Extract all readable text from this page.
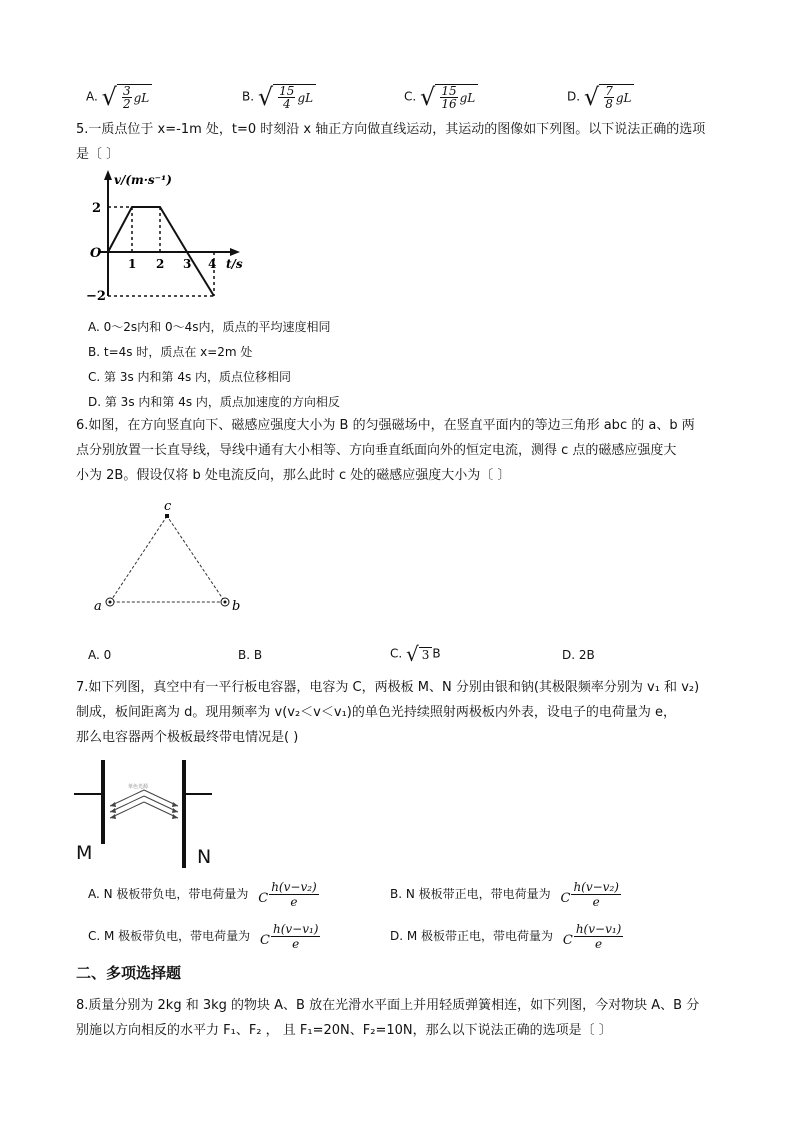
A. √ $\frac{3}{2}$ gL	B. √ $\frac{15}{4}$ gL	C. √ $\frac{15}{16}$ gL	D. √ $\frac{7}{8}$ gL
5.一质点位于 x=-1m 处，t=0 时刻沿 x 轴正方向做直线运动，其运动的图像如下列图。以下说法正确的选项
是〔 〕
v/(m·s⁻¹)
t/s
O
2
−2
1 2 3 4
A. 0～2s内和 0～4s内，质点的平均速度相同
B. t=4s 时，质点在 x=2m 处
C. 第 3s 内和第 4s 内，质点位移相同
D. 第 3s 内和第 4s 内，质点加速度的方向相反
6.如图，在方向竖直向下、磁感应强度大小为 B 的匀强磁场中，在竖直平面内的等边三角形 abc 的 a、b 两
点分别放置一长直导线，导线中通有大小相等、方向垂直纸面向外的恒定电流，测得 c 点的磁感应强度大
小为 2B。假设仅将 b 处电流反向，那么此时 c 处的磁感应强度大小为〔 〕
c
a	b
A. 0	B. B	C. √ 3 B	D. 2B
7.如下列图，真空中有一平行板电容器，电容为 C，两极板 M、N 分别由银和钠(其极限频率分别为 v₁ 和 v₂)
制成，板间距离为 d。现用频率为 v(v₂＜v＜v₁)的单色光持续照射两极板内外表，设电子的电荷量为 e，
那么电容器两个极板最终带电情况是( )
单色光源
M	N
A. N 极板带负电，带电荷量为 C $\frac{\text{h(v−v₂)}}{e}$	B. N 极板带正电，带电荷量为 C $\frac{\text{h(v−v₂)}}{e}$
C. M 极板带负电，带电荷量为 C $\frac{\text{h(v−v₁)}}{e}$	D. M 极板带正电，带电荷量为 C $\frac{\text{h(v−v₁)}}{e}$
二、多项选择题
8.质量分别为 2kg 和 3kg 的物块 A、B 放在光滑水平面上并用轻质弹簧相连，如下列图，今对物块 A、B 分
别施以方向相反的水平力 F₁、F₂ ， 且 F₁=20N、F₂=10N，那么以下说法正确的选项是〔 〕
